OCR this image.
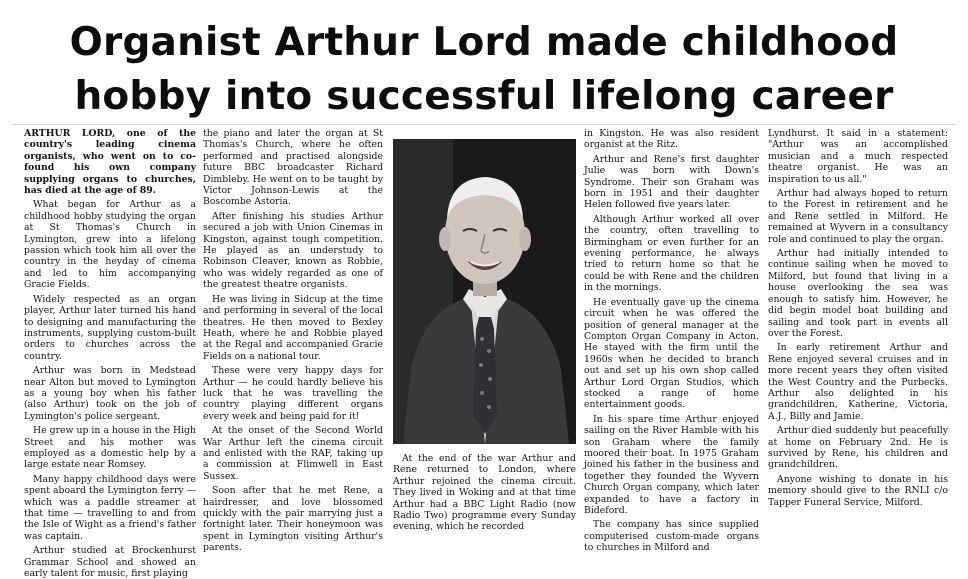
Organist Arthur Lord made childhood
hobby into successful lifelong career

ARTHUR LORD, one of the country's leading cinema organists, who went on to co-found his own company supplying organs to churches, has died at the age of 89.

What began for Arthur as a childhood hobby studying the organ at St Thomas's Church in Lymington, grew into a lifelong passion which took him all over the country in the heyday of cinema and led to him accompanying Gracie Fields.

Widely respected as an organ player, Arthur later turned his hand to designing and manufacturing the instruments, supplying custom-built orders to churches across the country.

Arthur was born in Medstead near Alton but moved to Lymington as a young boy when his father (also Arthur) took on the job of Lymington's police sergeant.

He grew up in a house in the High Street and his mother was employed as a domestic help by a large estate near Romsey.

Many happy childhood days were spent aboard the Lymington ferry — which was a paddle streamer at that time — travelling to and from the Isle of Wight as a friend's father was captain.

Arthur studied at Brockenhurst Grammar School and showed an early talent for music, first playing

the piano and later the organ at St Thomas's Church, where he often performed and practised alongside future BBC broadcaster Richard Dimbleby. He went on to be taught by Victor Johnson-Lewis at the Boscombe Astoria.

After finishing his studies Arthur secured a job with Union Cinemas in Kingston, against tough competition. He played as an understudy to Robinson Cleaver, known as Robbie, who was widely regarded as one of the greatest theatre organists.

He was living in Sidcup at the time and performing in several of the local theatres. He then moved to Bexley Heath, where he and Robbie played at the Regal and accompanied Gracie Fields on a national tour.

These were very happy days for Arthur — he could hardly believe his luck that he was travelling the country playing different organs every week and being paid for it!

At the onset of the Second World War Arthur left the cinema circuit and enlisted with the RAF, taking up a commission at Flimwell in East Sussex.

Soon after that he met Rene, a hairdresser, and love blossomed quickly with the pair marrying just a fortnight later. Their honeymoon was spent in Lymington visiting Arthur's parents.

At the end of the war Arthur and Rene returned to London, where Arthur rejoined the cinema circuit. They lived in Woking and at that time Arthur had a BBC Light Radio (now Radio Two) programme every Sunday evening, which he recorded

in Kingston. He was also resident organist at the Ritz.

Arthur and Rene's first daughter Julie was born with Down's Syndrome. Their son Graham was born in 1951 and their daughter Helen followed five years later.

Although Arthur worked all over the country, often travelling to Birmingham or even further for an evening performance, he always tried to return home so that he could be with Rene and the children in the mornings.

He eventually gave up the cinema circuit when he was offered the position of general manager at the Compton Organ Company in Acton. He stayed with the firm until the 1960s when he decided to branch out and set up his own shop called Arthur Lord Organ Studios, which stocked a range of home entertainment goods.

In his spare time Arthur enjoyed sailing on the River Hamble with his son Graham where the family moored their boat. In 1975 Graham joined his father in the business and together they founded the Wyvern Church Organ company, which later expanded to have a factory in Bideford.

The company has since supplied computerised custom-made organs to churches in Milford and

Lyndhurst. It said in a statement: "Arthur was an accomplished musician and a much respected theatre organist. He was an inspiration to us all."

Arthur had always hoped to return to the Forest in retirement and he and Rene settled in Milford. He remained at Wyvern in a consultancy role and continued to play the organ.

Arthur had initially intended to continue sailing when he moved to Milford, but found that living in a house overlooking the sea was enough to satisfy him. However, he did begin model boat building and sailing and took part in events all over the Forest.

In early retirement Arthur and Rene enjoyed several cruises and in more recent years they often visited the West Country and the Purbecks. Arthur also delighted in his grandchildren, Katherine, Victoria, A.J., Billy and Jamie.

Arthur died suddenly but peacefully at home on February 2nd. He is survived by Rene, his children and grandchildren.

Anyone wishing to donate in his memory should give to the RNLI c/o Tapper Funeral Service, Milford.
